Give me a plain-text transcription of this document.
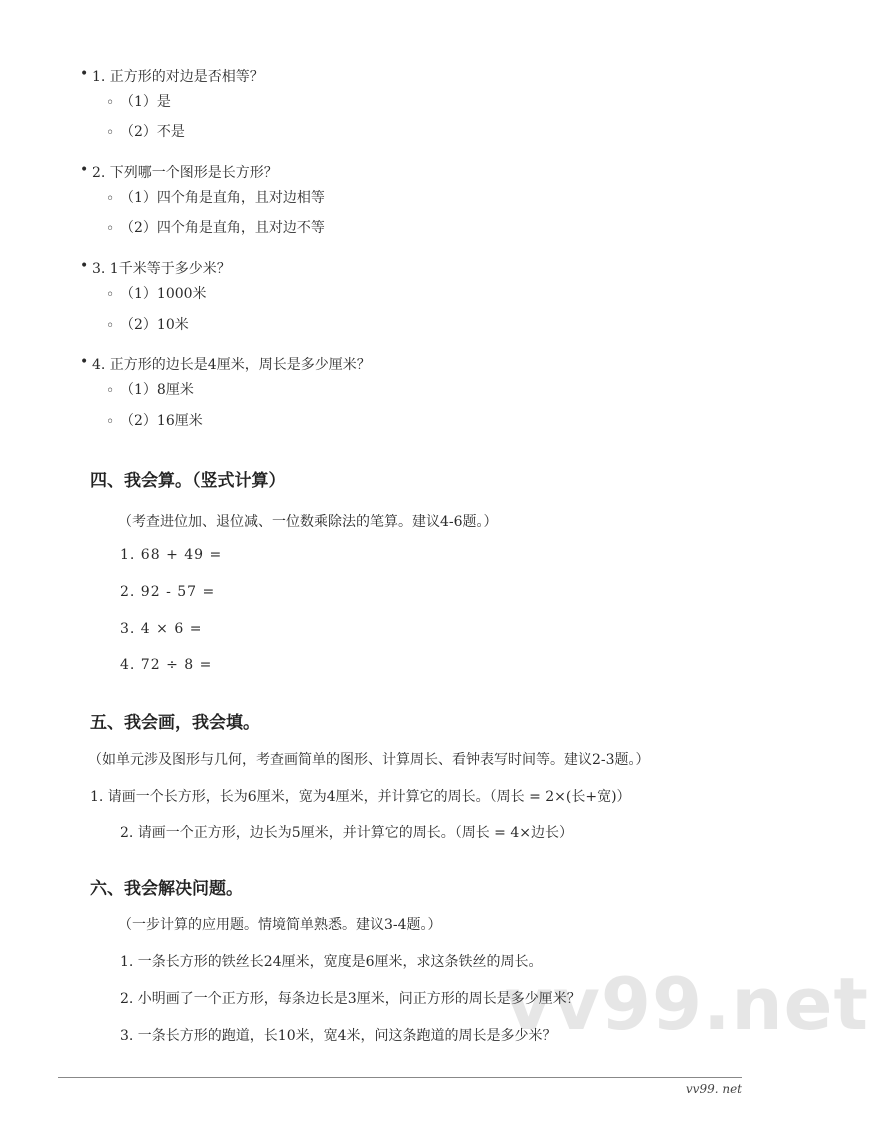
vv99.net
• 1. 正方形的对边是否相等？
◦ （1）是
◦ （2）不是
• 2. 下列哪一个图形是长方形？
◦ （1）四个角是直角，且对边相等
◦ （2）四个角是直角，且对边不等
• 3. 1千米等于多少米？
◦ （1）1000米
◦ （2）10米
• 4. 正方形的边长是4厘米，周长是多少厘米？
◦ （1）8厘米
◦ （2）16厘米
四、我会算。（竖式计算）
（考查进位加、退位减、一位数乘除法的笔算。建议4-6题。）
1. 68 + 49 =
2. 92 - 57 =
3. 4 × 6 =
4. 72 ÷ 8 =
五、我会画，我会填。
（如单元涉及图形与几何，考查画简单的图形、计算周长、看钟表写时间等。建议2-3题。）
1. 请画一个长方形，长为6厘米，宽为4厘米，并计算它的周长。（周长 = 2×(长+宽)）
2. 请画一个正方形，边长为5厘米，并计算它的周长。（周长 = 4×边长）
六、我会解决问题。
（一步计算的应用题。情境简单熟悉。建议3-4题。）
1. 一条长方形的铁丝长24厘米，宽度是6厘米，求这条铁丝的周长。
2. 小明画了一个正方形，每条边长是3厘米，问正方形的周长是多少厘米？
3. 一条长方形的跑道，长10米，宽4米，问这条跑道的周长是多少米？
vv99. net
